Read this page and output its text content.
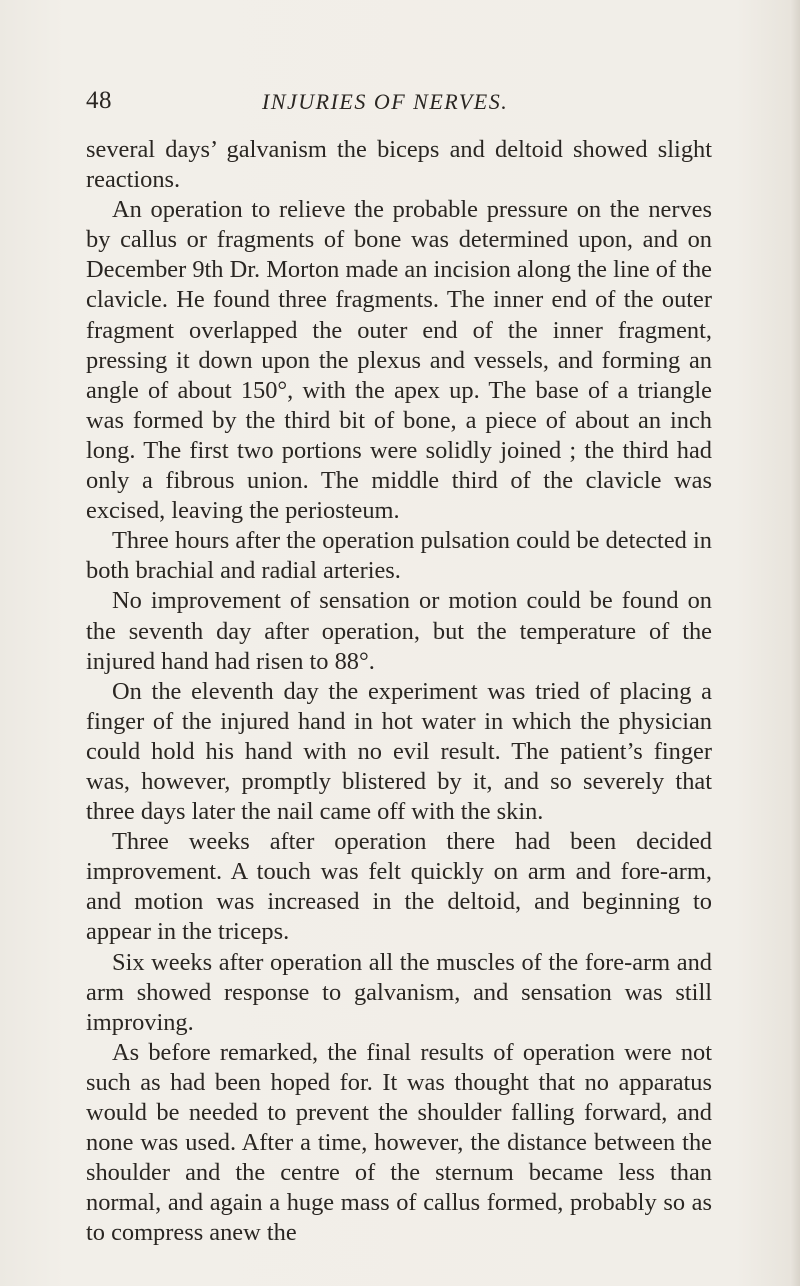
48	INJURIES OF NERVES.

several days’ galvanism the biceps and deltoid showed slight reactions.

An operation to relieve the probable pressure on the nerves by callus or fragments of bone was determined upon, and on December 9th Dr. Morton made an incision along the line of the clavicle. He found three fragments. The inner end of the outer fragment overlapped the outer end of the inner fragment, pressing it down upon the plexus and vessels, and forming an angle of about 150°, with the apex up. The base of a triangle was formed by the third bit of bone, a piece of about an inch long. The first two portions were solidly joined ; the third had only a fibrous union. The middle third of the clavicle was excised, leaving the periosteum.

Three hours after the operation pulsation could be detected in both brachial and radial arteries.

No improvement of sensation or motion could be found on the seventh day after operation, but the temperature of the injured hand had risen to 88°.

On the eleventh day the experiment was tried of placing a finger of the injured hand in hot water in which the physician could hold his hand with no evil result. The patient’s finger was, however, promptly blistered by it, and so severely that three days later the nail came off with the skin.

Three weeks after operation there had been decided improvement. A touch was felt quickly on arm and fore-arm, and motion was increased in the deltoid, and beginning to appear in the triceps.

Six weeks after operation all the muscles of the fore-arm and arm showed response to galvanism, and sensation was still improving.

As before remarked, the final results of operation were not such as had been hoped for. It was thought that no apparatus would be needed to prevent the shoulder falling forward, and none was used. After a time, however, the distance between the shoulder and the centre of the sternum became less than normal, and again a huge mass of callus formed, probably so as to compress anew the
